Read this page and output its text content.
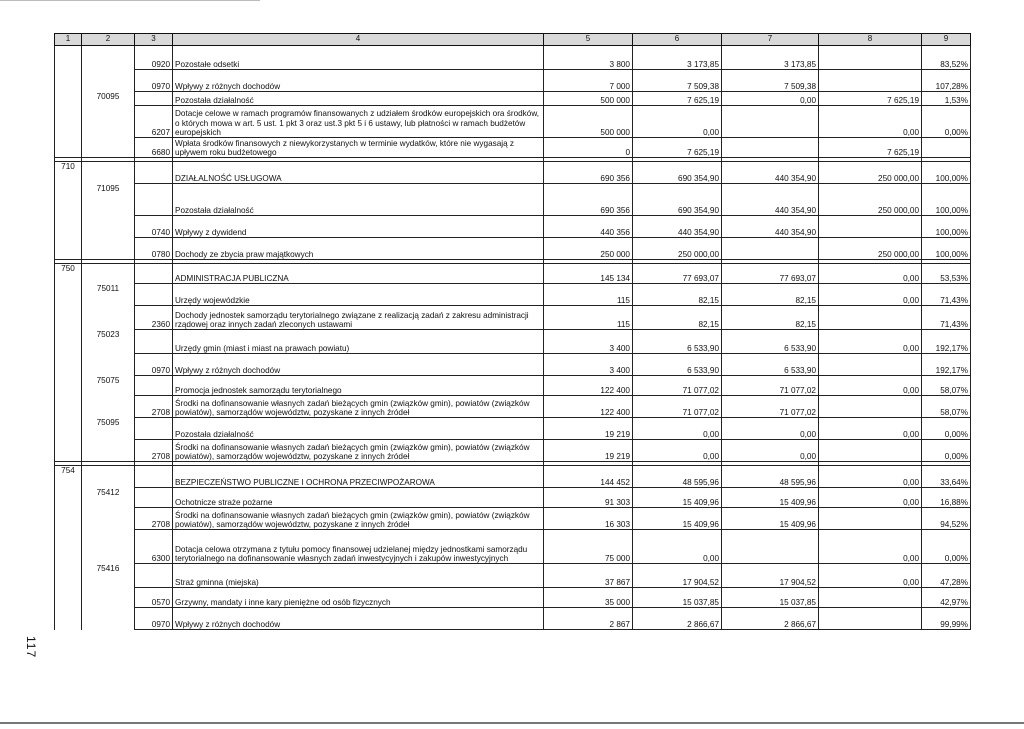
1	2	3	4	5	6	7	8	9
		0920	Pozostałe odsetki	3 800	3 173,85	3 173,85		83,52%
		0970	Wpływy z różnych dochodów	7 000	7 509,38	7 509,38		107,28%
	70095		Pozostała działalność	500 000	7 625,19	0,00	7 625,19	1,53%
		6207	Dotacje celowe w ramach programów finansowanych z udziałem środków europejskich ora środków, o których mowa w art. 5 ust. 1 pkt 3 oraz ust.3 pkt 5 i 6 ustawy, lub płatności w ramach budżetów europejskich	500 000	0,00		0,00	0,00%
		6680	Wpłata środków finansowych z niewykorzystanych w terminie wydatków, które nie wygasają z upływem roku budżetowego	0	7 625,19		7 625,19	

710			DZIAŁALNOŚĆ USŁUGOWA	690 356	690 354,90	440 354,90	250 000,00	100,00%
	71095		Pozostała działalność	690 356	690 354,90	440 354,90	250 000,00	100,00%
		0740	Wpływy z dywidend	440 356	440 354,90	440 354,90		100,00%
		0780	Dochody ze zbycia praw majątkowych	250 000	250 000,00		250 000,00	100,00%

750			ADMINISTRACJA PUBLICZNA	145 134	77 693,07	77 693,07	0,00	53,53%
	75011		Urzędy wojewódzkie	115	82,15	82,15	0,00	71,43%
		2360	Dochody jednostek samorządu terytorialnego związane z realizacją zadań z zakresu administracji rządowej oraz innych zadań zleconych ustawami	115	82,15	82,15		71,43%
	75023		Urzędy gmin (miast i miast na prawach powiatu)	3 400	6 533,90	6 533,90	0,00	192,17%
		0970	Wpływy z różnych dochodów	3 400	6 533,90	6 533,90		192,17%
	75075		Promocja jednostek samorządu terytorialnego	122 400	71 077,02	71 077,02	0,00	58,07%
		2708	Środki na dofinansowanie własnych zadań bieżących gmin (związków gmin), powiatów (związków powiatów), samorządów województw, pozyskane z innych źródeł	122 400	71 077,02	71 077,02		58,07%
	75095		Pozostała działalność	19 219	0,00	0,00	0,00	0,00%
		2708	Środki na dofinansowanie własnych zadań bieżących gmin (związków gmin), powiatów (związków powiatów), samorządów województw, pozyskane z innych źródeł	19 219	0,00	0,00		0,00%

754			BEZPIECZEŃSTWO PUBLICZNE I OCHRONA PRZECIWPOŻAROWA	144 452	48 595,96	48 595,96	0,00	33,64%
	75412		Ochotnicze straże pożarne	91 303	15 409,96	15 409,96	0,00	16,88%
		2708	Środki na dofinansowanie własnych zadań bieżących gmin (związków gmin), powiatów (związków powiatów), samorządów województw, pozyskane z innych źródeł	16 303	15 409,96	15 409,96		94,52%
		6300	Dotacja celowa otrzymana z tytułu pomocy finansowej udzielanej między jednostkami samorządu terytorialnego na dofinansowanie własnych zadań inwestycyjnych i zakupów inwestycyjnych	75 000	0,00		0,00	0,00%
	75416		Straż gminna (miejska)	37 867	17 904,52	17 904,52	0,00	47,28%
		0570	Grzywny, mandaty i inne kary pieniężne od osób fizycznych	35 000	15 037,85	15 037,85		42,97%
		0970	Wpływy z różnych dochodów	2 867	2 866,67	2 866,67		99,99%
117
